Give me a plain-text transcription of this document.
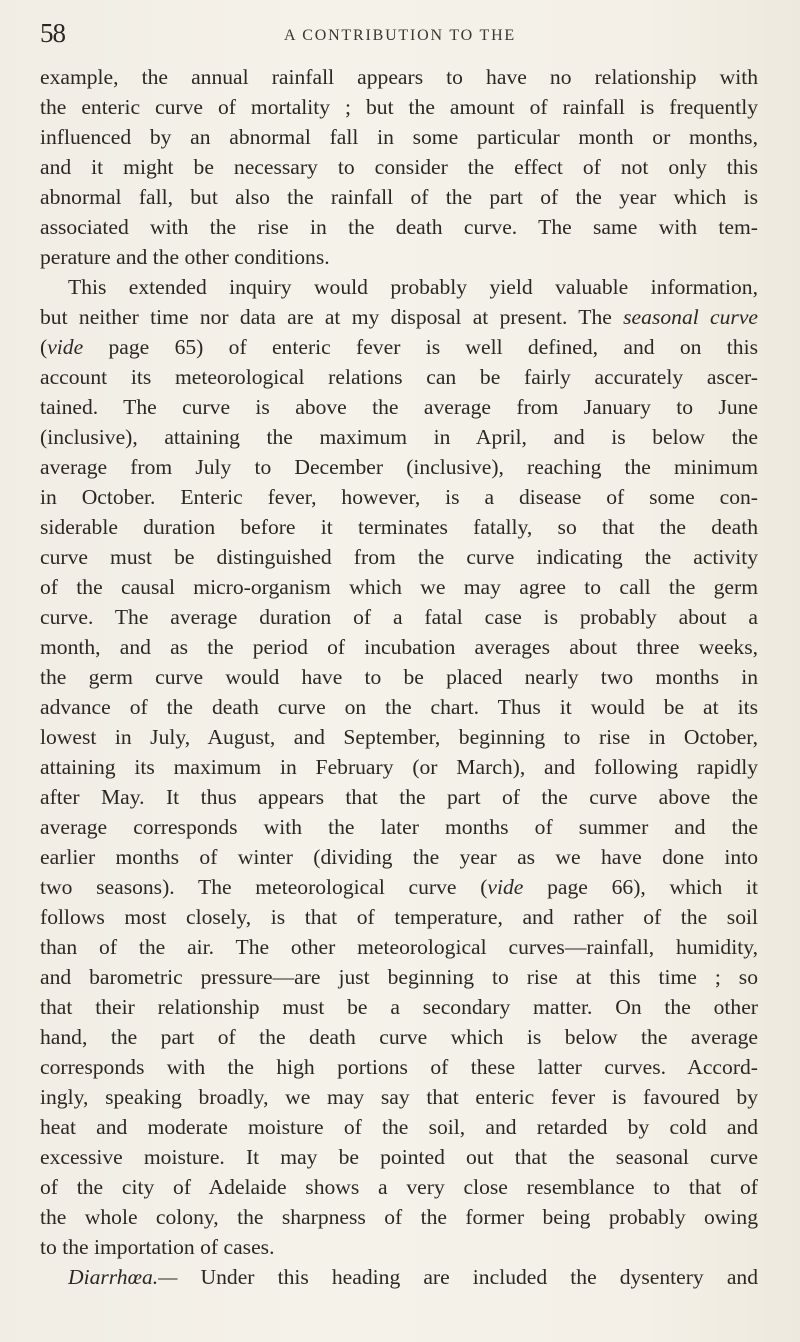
58	A CONTRIBUTION TO THE
example, the annual rainfall appears to have no relationship with
the enteric curve of mortality ; but the amount of rainfall is frequently
influenced by an abnormal fall in some particular month or months,
and it might be necessary to consider the effect of not only this
abnormal fall, but also the rainfall of the part of the year which is
associated with the rise in the death curve. The same with tem-
perature and the other conditions.
This extended inquiry would probably yield valuable information,
but neither time nor data are at my disposal at present. The seasonal curve
(vide page 65) of enteric fever is well defined, and on this
account its meteorological relations can be fairly accurately ascer-
tained. The curve is above the average from January to June
(inclusive), attaining the maximum in April, and is below the
average from July to December (inclusive), reaching the minimum
in October. Enteric fever, however, is a disease of some con-
siderable duration before it terminates fatally, so that the death
curve must be distinguished from the curve indicating the activity
of the causal micro-organism which we may agree to call the germ
curve. The average duration of a fatal case is probably about a
month, and as the period of incubation averages about three weeks,
the germ curve would have to be placed nearly two months in
advance of the death curve on the chart. Thus it would be at its
lowest in July, August, and September, beginning to rise in October,
attaining its maximum in February (or March), and following rapidly
after May. It thus appears that the part of the curve above the
average corresponds with the later months of summer and the
earlier months of winter (dividing the year as we have done into
two seasons). The meteorological curve (vide page 66), which it
follows most closely, is that of temperature, and rather of the soil
than of the air. The other meteorological curves—rainfall, humidity,
and barometric pressure—are just beginning to rise at this time ; so
that their relationship must be a secondary matter. On the other
hand, the part of the death curve which is below the average
corresponds with the high portions of these latter curves. Accord-
ingly, speaking broadly, we may say that enteric fever is favoured by
heat and moderate moisture of the soil, and retarded by cold and
excessive moisture. It may be pointed out that the seasonal curve
of the city of Adelaide shows a very close resemblance to that of
the whole colony, the sharpness of the former being probably owing
to the importation of cases.
Diarrhœa.— Under this heading are included the dysentery and
